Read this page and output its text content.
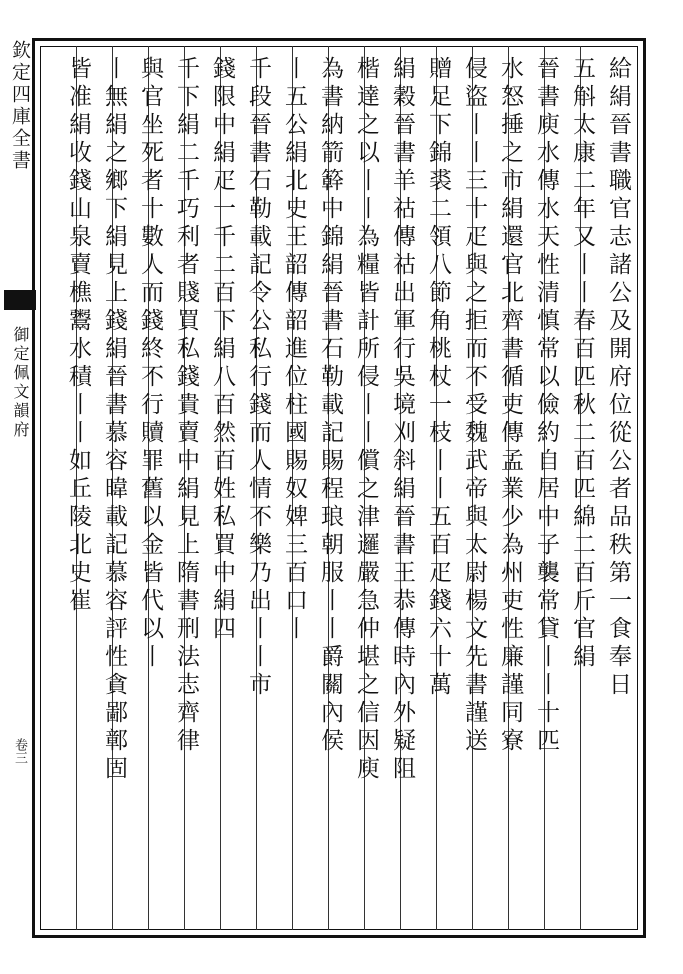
欽定四庫全書
御定佩文韻府
卷三
給絹晉書職官志諸公及開府位從公者品秩第一食奉日
五斛太康二年又丨丨春百匹秋二百匹綿二百斤官絹
晉書庾水傳水天性清慎常以儉約自居中子襲常貸丨丨十匹
水怒捶之市絹還官北齊書循吏傳孟業少為州吏性廉謹同寮
侵盜丨丨三十疋與之拒而不受魏武帝與太尉楊文先書謹送
贈足下錦裘二領八節角桃杖一枝丨丨五百疋錢六十萬
絹穀晉書羊祜傳祜出軍行吳境刈斜絹晉書王恭傳時內外疑阻
楷達之以丨丨為糧皆計所侵丨丨償之津邏嚴急仲堪之信因庾
為書納箭簳中錦絹晉書石勒載記賜程琅朝服丨丨爵關內侯
丨五公絹北史王韶傳韶進位柱國賜奴婢三百口丨
千段晉書石勒載記令公私行錢而人情不樂乃出丨丨市
錢限中絹疋一千二百下絹八百然百姓私買中絹四
千下絹二千巧利者賤買私錢貴賣中絹見上隋書刑法志齊律
與官坐死者十數人而錢終不行贖罪舊以金皆代以丨
丨無絹之鄉下絹見上錢絹晉書慕容暐載記慕容評性貪鄙鄣固
皆准絹收錢山泉賣樵鬻水積丨丨如丘陵北史崔
